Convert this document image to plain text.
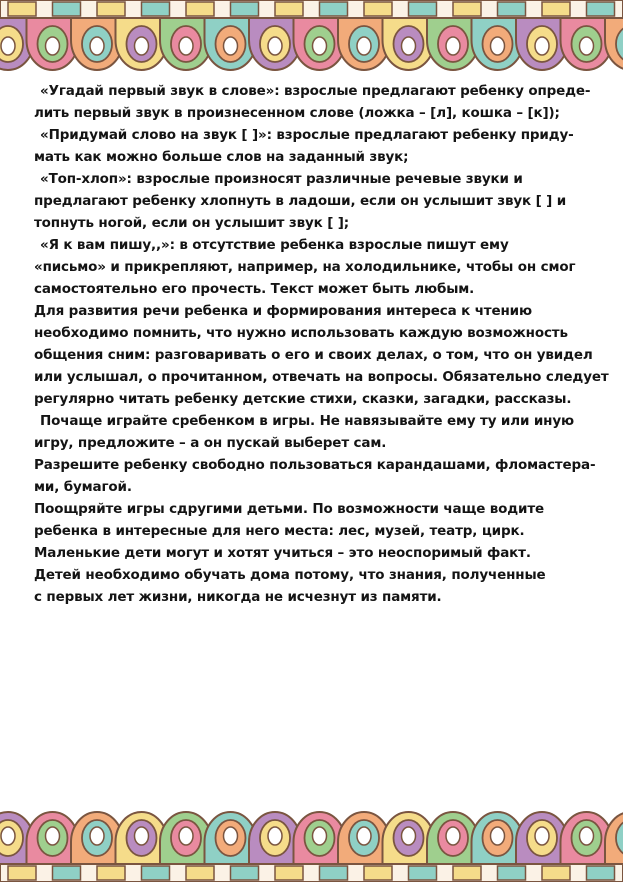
«Угадай первый звук в слове»: взрослые предлагают ребенку опреде-
лить первый звук в произнесенном слове (ложка – [л], кошка – [к]);
«Придумай слово на звук [ ]»: взрослые предлагают ребенку приду-
мать как можно больше слов на заданный звук;
«Топ-хлоп»: взрослые произносят различные речевые звуки и
предлагают ребенку хлопнуть в ладоши, если он услышит звук [ ] и
топнуть ногой, если он услышит звук [ ];
«Я к вам пишу,,»: в отсутствие ребенка взрослые пишут ему
«письмо» и прикрепляют, например, на холодильнике, чтобы он смог
самостоятельно его прочесть. Текст может быть любым.
Для развития речи ребенка и формирования интереса к чтению
необходимо помнить, что нужно использовать каждую возможность
общения сним: разговаривать о его и своих делах, о том, что он увидел
или услышал, о прочитанном, отвечать на вопросы. Обязательно следует
регулярно читать ребенку детские стихи, сказки, загадки, рассказы.
Почаще играйте сребенком в игры. Не навязывайте ему ту или иную
игру, предложите – а он пускай выберет сам.
Разрешите ребенку свободно пользоваться карандашами, фломастера-
ми, бумагой.
Поощряйте игры сдругими детьми. По возможности чаще водите
ребенка в интересные для него места: лес, музей, театр, цирк.
Маленькие дети могут и хотят учиться – это неоспоримый факт.
Детей необходимо обучать дома потому, что знания, полученные
с первых лет жизни, никогда не исчезнут из памяти.
